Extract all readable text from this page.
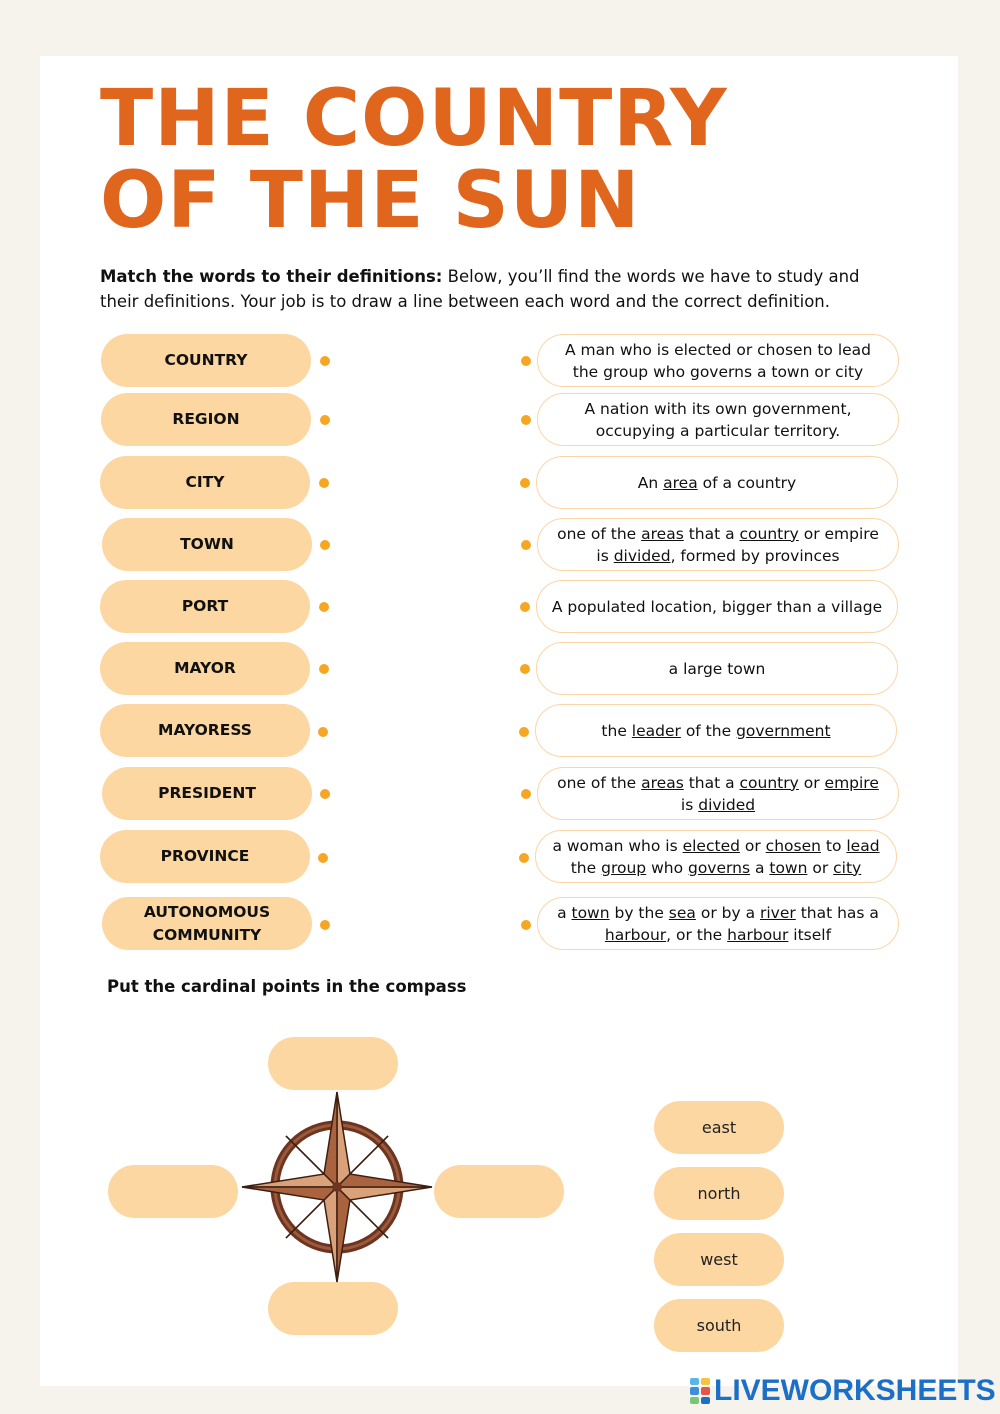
THE COUNTRY OF THE SUN

Match the words to their definitions: Below, you’ll find the words we have to study and their definitions. Your job is to draw a line between each word and the correct definition.

COUNTRY
REGION
CITY
TOWN
PORT
MAYOR
MAYORESS
PRESIDENT
PROVINCE
AUTONOMOUS COMMUNITY
A man who is elected or chosen to lead the group who governs a town or city
A nation with its own government, occupying a particular territory.
An area of a country
one of the areas that a country or empire is divided, formed by provinces
A populated location, bigger than a village
a large town
the leader of the government
one of the areas that a country or empire is divided
a woman who is elected or chosen to lead the group who governs a town or city
a town by the sea or by a river that has a harbour, or the harbour itself
Put the cardinal points in the compass
east
north
west
south
LIVEWORKSHEETS
